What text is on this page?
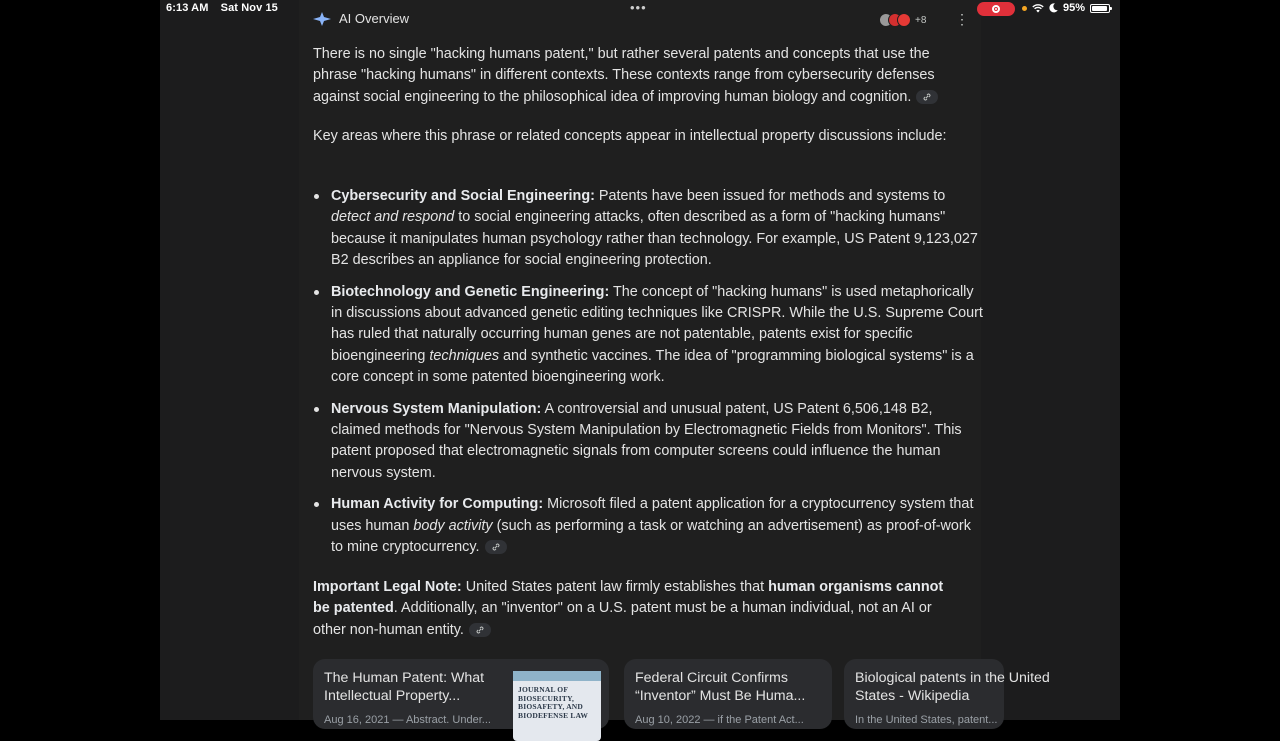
6:13 AM Sat Nov 15	•••	95%
AI Overview	+8 ⋮
There is no single "hacking humans patent," but rather several patents and concepts that use the phrase "hacking humans" in different contexts. These contexts range from cybersecurity defenses against social engineering to the philosophical idea of improving human biology and cognition.
Key areas where this phrase or related concepts appear in intellectual property discussions include:
Cybersecurity and Social Engineering: Patents have been issued for methods and systems to detect and respond to social engineering attacks, often described as a form of "hacking humans" because it manipulates human psychology rather than technology. For example, US Patent 9,123,027 B2 describes an appliance for social engineering protection.
Biotechnology and Genetic Engineering: The concept of "hacking humans" is used metaphorically in discussions about advanced genetic editing techniques like CRISPR. While the U.S. Supreme Court has ruled that naturally occurring human genes are not patentable, patents exist for specific bioengineering techniques and synthetic vaccines. The idea of "programming biological systems" is a core concept in some patented bioengineering work.
Nervous System Manipulation: A controversial and unusual patent, US Patent 6,506,148 B2, claimed methods for "Nervous System Manipulation by Electromagnetic Fields from Monitors". This patent proposed that electromagnetic signals from computer screens could influence the human nervous system.
Human Activity for Computing: Microsoft filed a patent application for a cryptocurrency system that uses human body activity (such as performing a task or watching an advertisement) as proof-of-work to mine cryptocurrency.
Important Legal Note: United States patent law firmly establishes that human organisms cannot be patented. Additionally, an "inventor" on a U.S. patent must be a human individual, not an AI or other non-human entity.
The Human Patent: What Intellectual Property...
Aug 16, 2021 — Abstract. Under...
JOURNAL OF BIOSECURITY, BIOSAFETY, AND BIODEFENSE LAW
Federal Circuit Confirms “Inventor” Must Be Huma...
Aug 10, 2022 — if the Patent Act...
Biological patents in the United States - Wikipedia
In the United States, patent...
